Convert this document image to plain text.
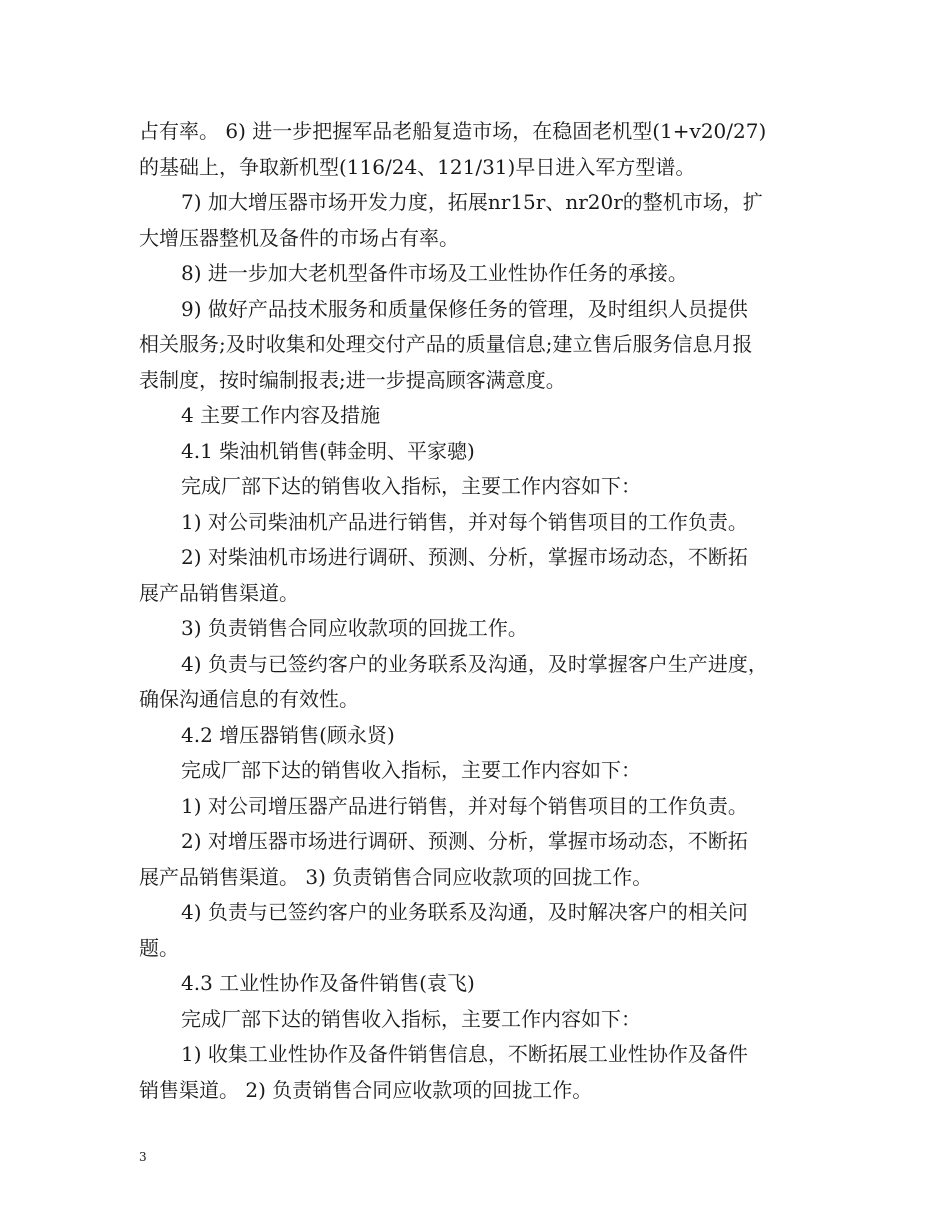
占有率。 6) 进一步把握军品老船复造市场，在稳固老机型(1+v20/27)
的基础上，争取新机型(116/24、121/31)早日进入军方型谱。
7) 加大增压器市场开发力度，拓展nr15r、nr20r的整机市场，扩
大增压器整机及备件的市场占有率。
8) 进一步加大老机型备件市场及工业性协作任务的承接。
9) 做好产品技术服务和质量保修任务的管理，及时组织人员提供
相关服务;及时收集和处理交付产品的质量信息;建立售后服务信息月报
表制度，按时编制报表;进一步提高顾客满意度。
4 主要工作内容及措施
4.1 柴油机销售(韩金明、平家骢)
完成厂部下达的销售收入指标，主要工作内容如下：
1) 对公司柴油机产品进行销售，并对每个销售项目的工作负责。
2) 对柴油机市场进行调研、预测、分析，掌握市场动态，不断拓
展产品销售渠道。
3) 负责销售合同应收款项的回拢工作。
4) 负责与已签约客户的业务联系及沟通，及时掌握客户生产进度，
确保沟通信息的有效性。
4.2 增压器销售(顾永贤)
完成厂部下达的销售收入指标，主要工作内容如下：
1) 对公司增压器产品进行销售，并对每个销售项目的工作负责。
2) 对增压器市场进行调研、预测、分析，掌握市场动态，不断拓
展产品销售渠道。 3) 负责销售合同应收款项的回拢工作。
4) 负责与已签约客户的业务联系及沟通，及时解决客户的相关问
题。
4.3 工业性协作及备件销售(袁飞)
完成厂部下达的销售收入指标，主要工作内容如下：
1) 收集工业性协作及备件销售信息，不断拓展工业性协作及备件
销售渠道。 2) 负责销售合同应收款项的回拢工作。
3
